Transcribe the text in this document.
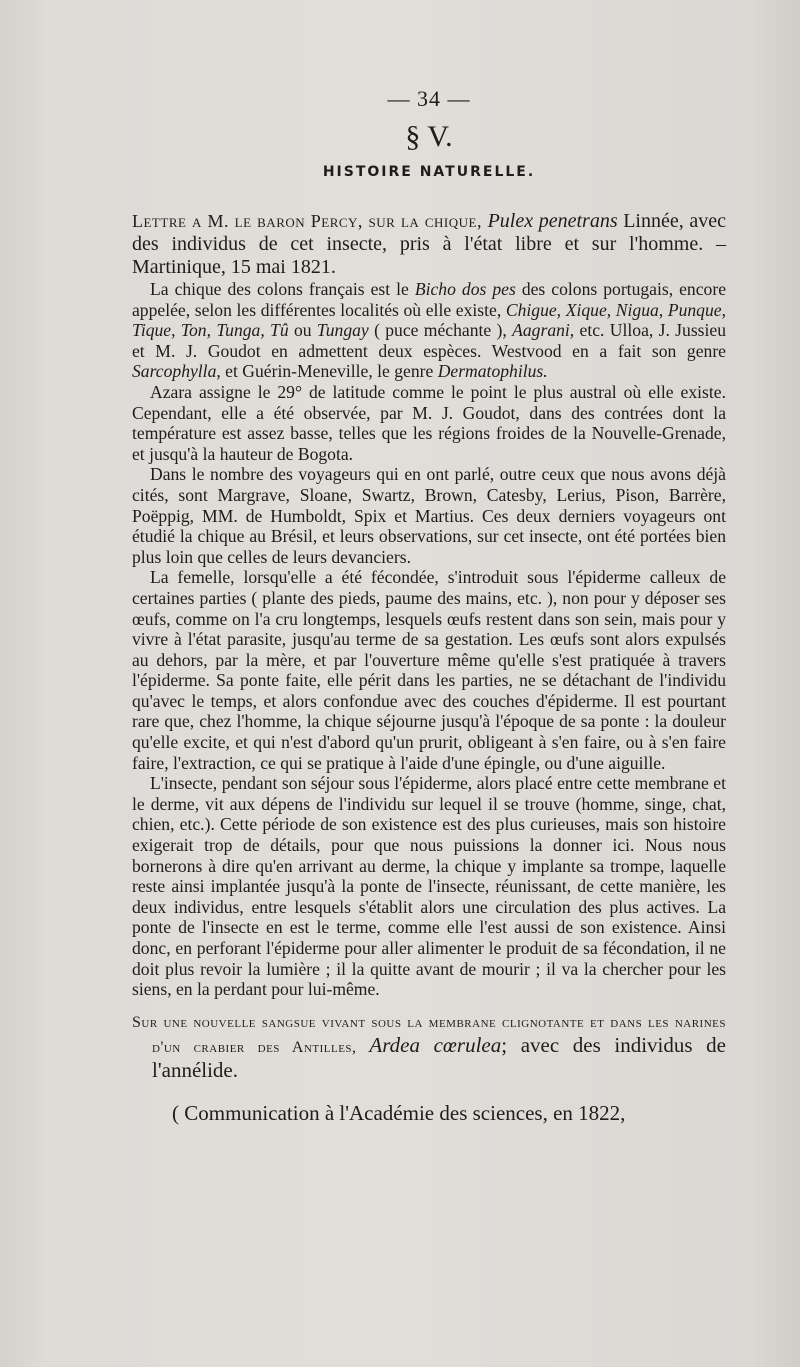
— 34 —
§ V.
HISTOIRE NATURELLE.

Lettre a M. le baron Percy, sur la chique, Pulex penetrans Linnée, avec des individus de cet insecte, pris à l'état libre et sur l'homme. – Martinique, 15 mai 1821.

La chique des colons français est le Bicho dos pes des colons portugais, encore appelée, selon les différentes localités où elle existe, Chigue, Xique, Nigua, Punque, Tique, Ton, Tunga, Tû ou Tungay ( puce méchante ), Aagrani, etc. Ulloa, J. Jussieu et M. J. Goudot en admettent deux espèces. Westvood en a fait son genre Sarcophylla, et Guérin-Meneville, le genre Dermatophilus.

Azara assigne le 29° de latitude comme le point le plus austral où elle existe. Cependant, elle a été observée, par M. J. Goudot, dans des contrées dont la température est assez basse, telles que les régions froides de la Nouvelle-Grenade, et jusqu'à la hauteur de Bogota.

Dans le nombre des voyageurs qui en ont parlé, outre ceux que nous avons déjà cités, sont Margrave, Sloane, Swartz, Brown, Catesby, Lerius, Pison, Barrère, Poëppig, MM. de Humboldt, Spix et Martius. Ces deux derniers voyageurs ont étudié la chique au Brésil, et leurs observations, sur cet insecte, ont été portées bien plus loin que celles de leurs devanciers.

La femelle, lorsqu'elle a été fécondée, s'introduit sous l'épiderme calleux de certaines parties ( plante des pieds, paume des mains, etc. ), non pour y déposer ses œufs, comme on l'a cru longtemps, lesquels œufs restent dans son sein, mais pour y vivre à l'état parasite, jusqu'au terme de sa gestation. Les œufs sont alors expulsés au dehors, par la mère, et par l'ouverture même qu'elle s'est pratiquée à travers l'épiderme. Sa ponte faite, elle périt dans les parties, ne se détachant de l'individu qu'avec le temps, et alors confondue avec des couches d'épiderme. Il est pourtant rare que, chez l'homme, la chique séjourne jusqu'à l'époque de sa ponte : la douleur qu'elle excite, et qui n'est d'abord qu'un prurit, obligeant à s'en faire, ou à s'en faire faire, l'extraction, ce qui se pratique à l'aide d'une épingle, ou d'une aiguille.

L'insecte, pendant son séjour sous l'épiderme, alors placé entre cette membrane et le derme, vit aux dépens de l'individu sur lequel il se trouve (homme, singe, chat, chien, etc.). Cette période de son existence est des plus curieuses, mais son histoire exigerait trop de détails, pour que nous puissions la donner ici. Nous nous bornerons à dire qu'en arrivant au derme, la chique y implante sa trompe, laquelle reste ainsi implantée jusqu'à la ponte de l'insecte, réunissant, de cette manière, les deux individus, entre lesquels s'établit alors une circulation des plus actives. La ponte de l'insecte en est le terme, comme elle l'est aussi de son existence. Ainsi donc, en perforant l'épiderme pour aller alimenter le produit de sa fécondation, il ne doit plus revoir la lumière ; il la quitte avant de mourir ; il va la chercher pour les siens, en la perdant pour lui-même.

Sur une nouvelle sangsue vivant sous la membrane clignotante et dans les narines d'un crabier des Antilles, Ardea cœrulea; avec des individus de l'annélide.

( Communication à l'Académie des sciences, en 1822,
